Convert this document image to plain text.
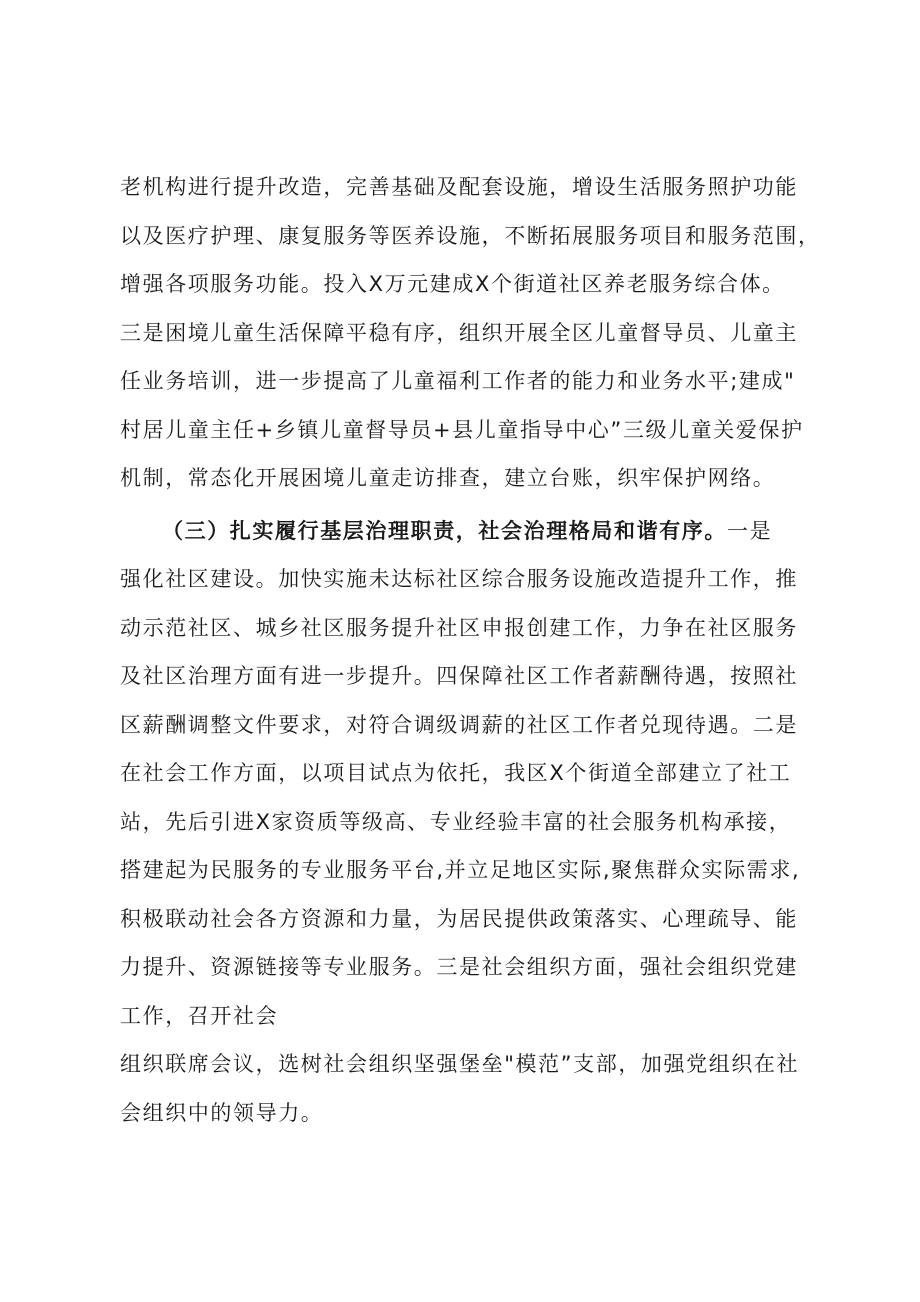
老机构进行提升改造，完善基础及配套设施，增设生活服务照护功能
以及医疗护理、康复服务等医养设施，不断拓展服务项目和服务范围，
增强各项服务功能。投入X万元建成X个街道社区养老服务综合体。
三是困境儿童生活保障平稳有序，组织开展全区儿童督导员、儿童主
任业务培训，进一步提高了儿童福利工作者的能力和业务水平;建成"
村居儿童主任+乡镇儿童督导员+县儿童指导中心”三级儿童关爱保护
机制，常态化开展困境儿童走访排查，建立台账，织牢保护网络。
（三）扎实履行基层治理职责，社会治理格局和谐有序。一是
强化社区建设。加快实施未达标社区综合服务设施改造提升工作，推
动示范社区、城乡社区服务提升社区申报创建工作，力争在社区服务
及社区治理方面有进一步提升。四保障社区工作者薪酬待遇，按照社
区薪酬调整文件要求，对符合调级调薪的社区工作者兑现待遇。二是
在社会工作方面，以项目试点为依托，我区X个街道全部建立了社工
站，先后引进X家资质等级高、专业经验丰富的社会服务机构承接，
搭建起为民服务的专业服务平台,并立足地区实际,聚焦群众实际需求,
积极联动社会各方资源和力量，为居民提供政策落实、心理疏导、能
力提升、资源链接等专业服务。三是社会组织方面，强社会组织党建
工作，召开社会
组织联席会议，选树社会组织坚强堡垒"模范”支部，加强党组织在社
会组织中的领导力。
